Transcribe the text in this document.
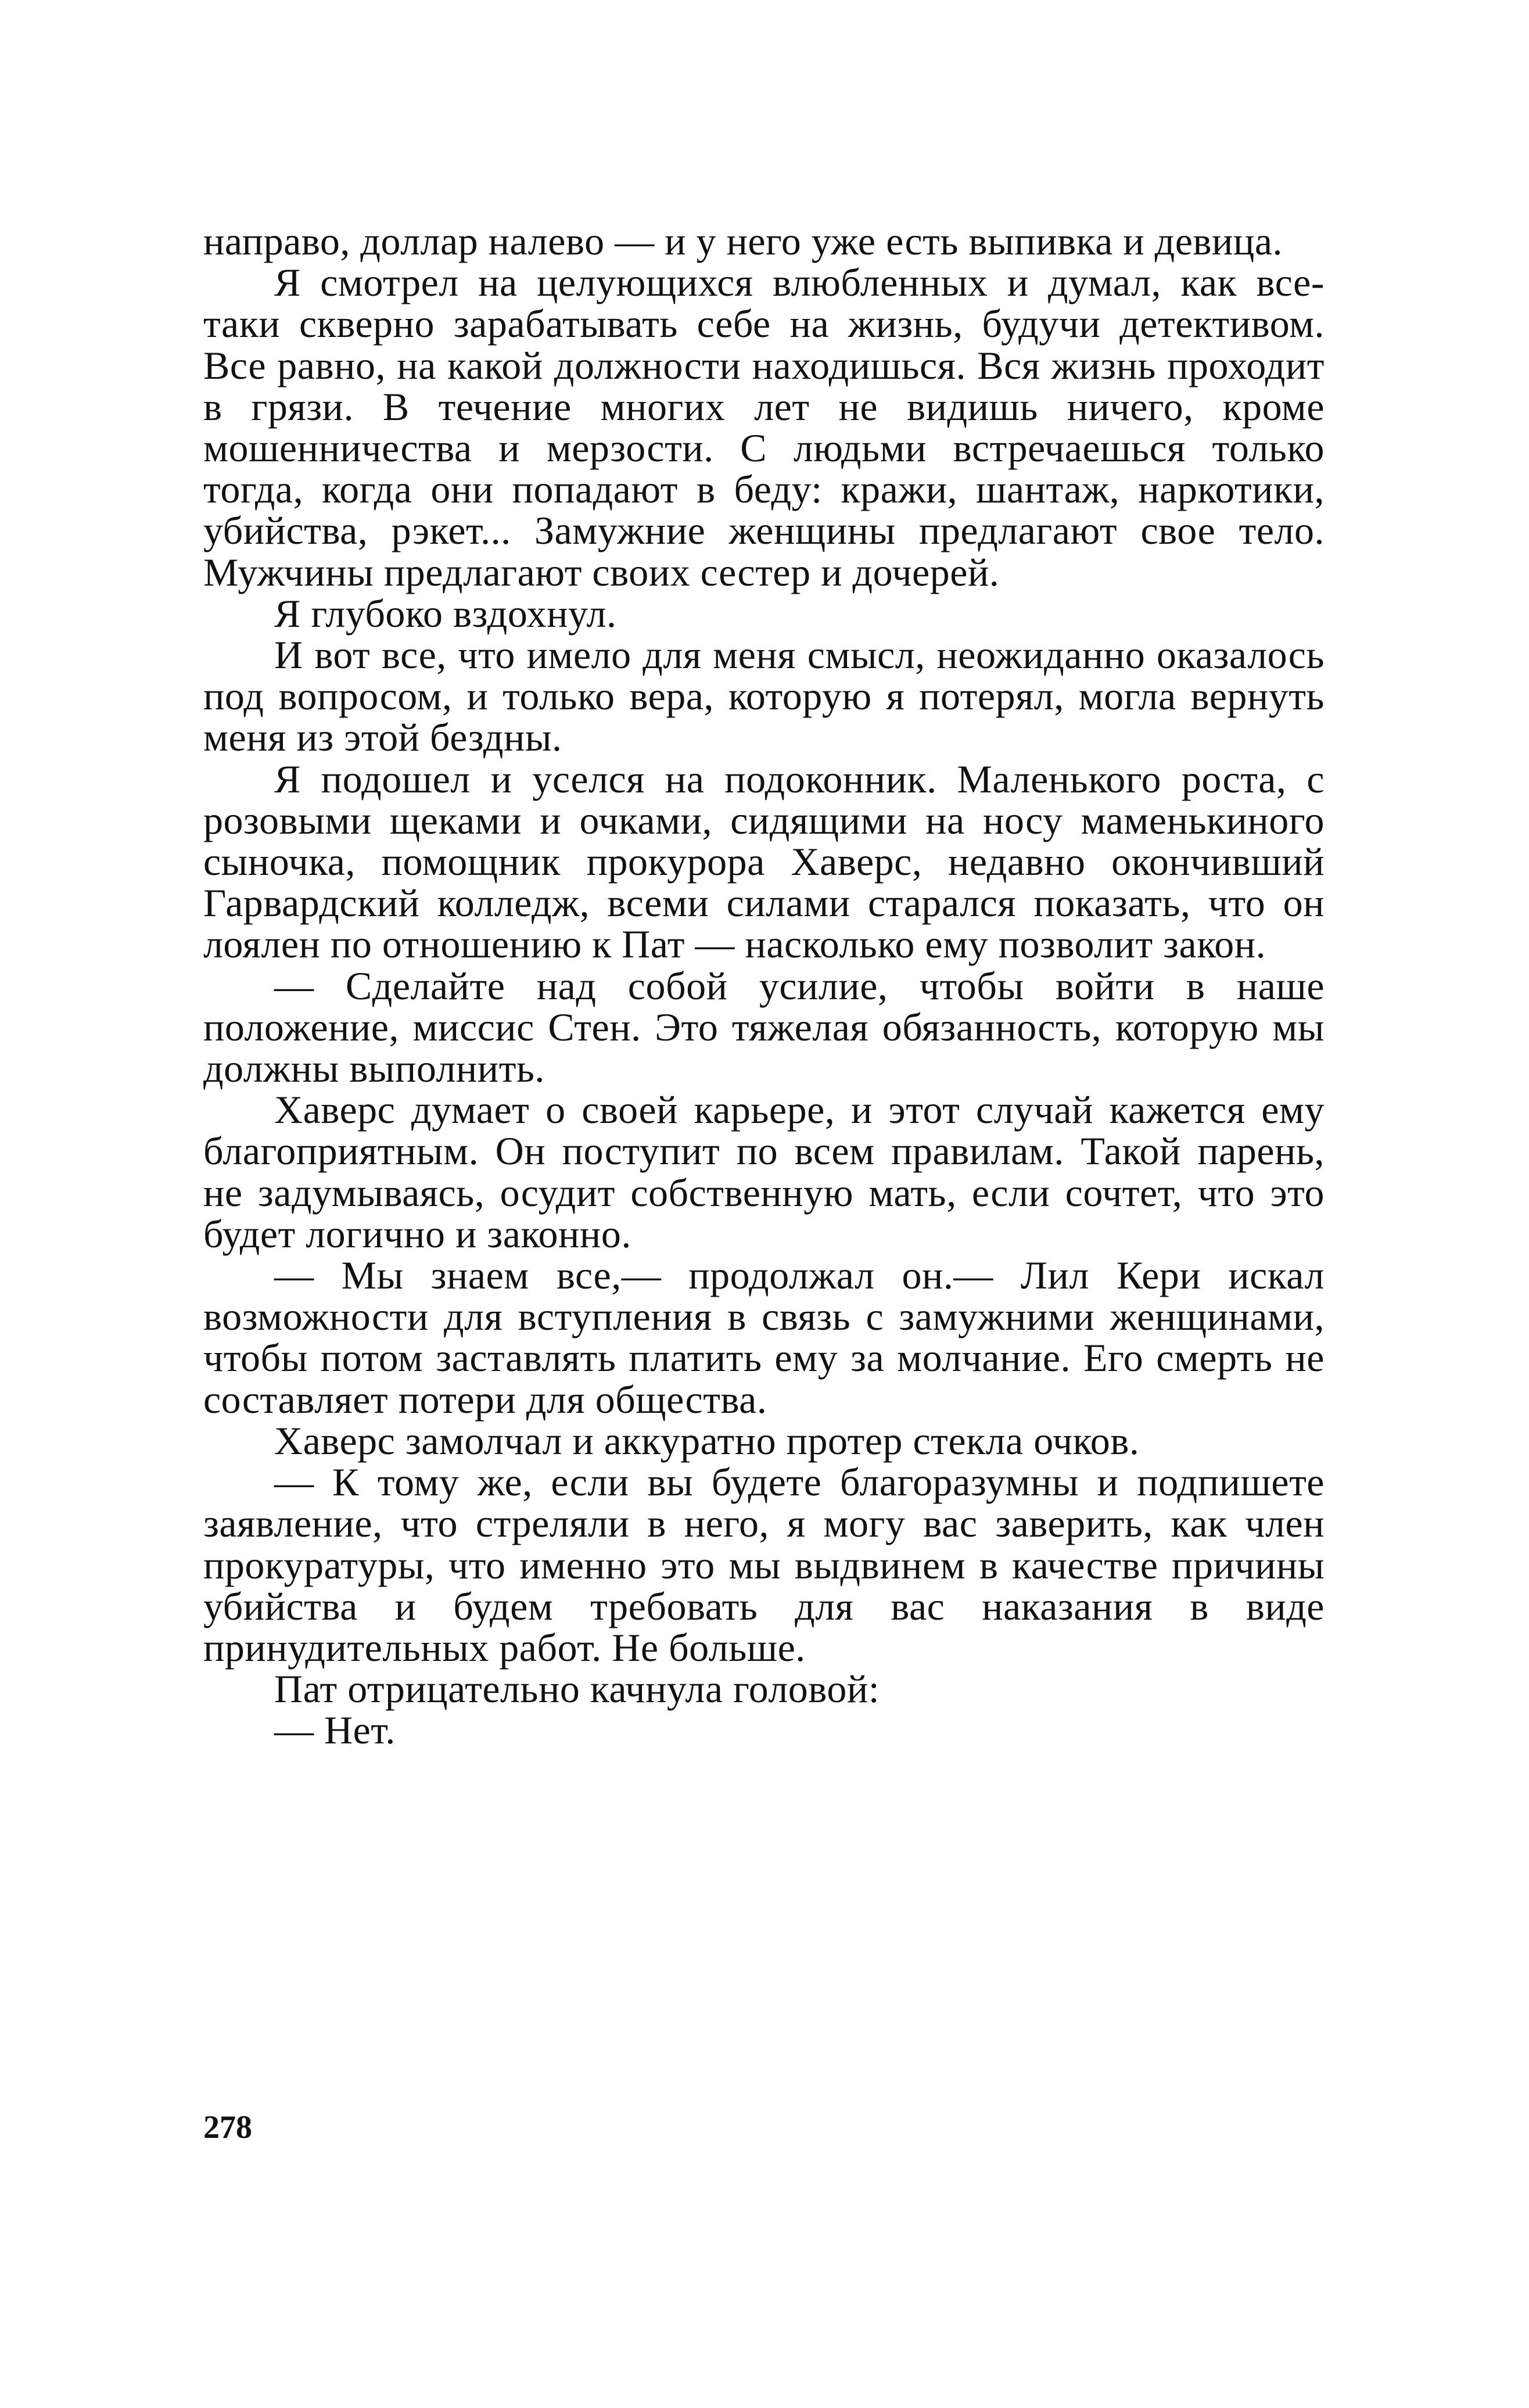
направо, доллар налево — и у него уже есть выпивка и девица.

Я смотрел на целующихся влюбленных и думал, как все-таки скверно зарабатывать себе на жизнь, будучи детективом. Все равно, на какой должности находишься. Вся жизнь проходит в грязи. В течение многих лет не видишь ничего, кроме мошенничества и мерзости. С людьми встречаешься только тогда, когда они попадают в беду: кражи, шантаж, наркотики, убийства, рэкет... Замужние женщины предлагают свое тело. Мужчины предлагают своих сестер и дочерей.

Я глубоко вздохнул.

И вот все, что имело для меня смысл, неожиданно оказалось под вопросом, и только вера, которую я потерял, могла вернуть меня из этой бездны.

Я подошел и уселся на подоконник. Маленького роста, с розовыми щеками и очками, сидящими на носу маменькиного сыночка, помощник прокурора Хаверс, недавно окончивший Гарвардский колледж, всеми силами старался показать, что он лоялен по отношению к Пат — насколько ему позволит закон.

— Сделайте над собой усилие, чтобы войти в наше положение, миссис Стен. Это тяжелая обязанность, которую мы должны выполнить.

Хаверс думает о своей карьере, и этот случай кажется ему благоприятным. Он поступит по всем правилам. Такой парень, не задумываясь, осудит собственную мать, если сочтет, что это будет логично и законно.

— Мы знаем все,— продолжал он.— Лил Кери искал возможности для вступления в связь с замужними женщинами, чтобы потом заставлять платить ему за молчание. Его смерть не составляет потери для общества.

Хаверс замолчал и аккуратно протер стекла очков.

— К тому же, если вы будете благоразумны и подпишете заявление, что стреляли в него, я могу вас заверить, как член прокуратуры, что именно это мы выдвинем в качестве причины убийства и будем требовать для вас наказания в виде принудительных работ. Не больше.

Пат отрицательно качнула головой:

— Нет.

278
